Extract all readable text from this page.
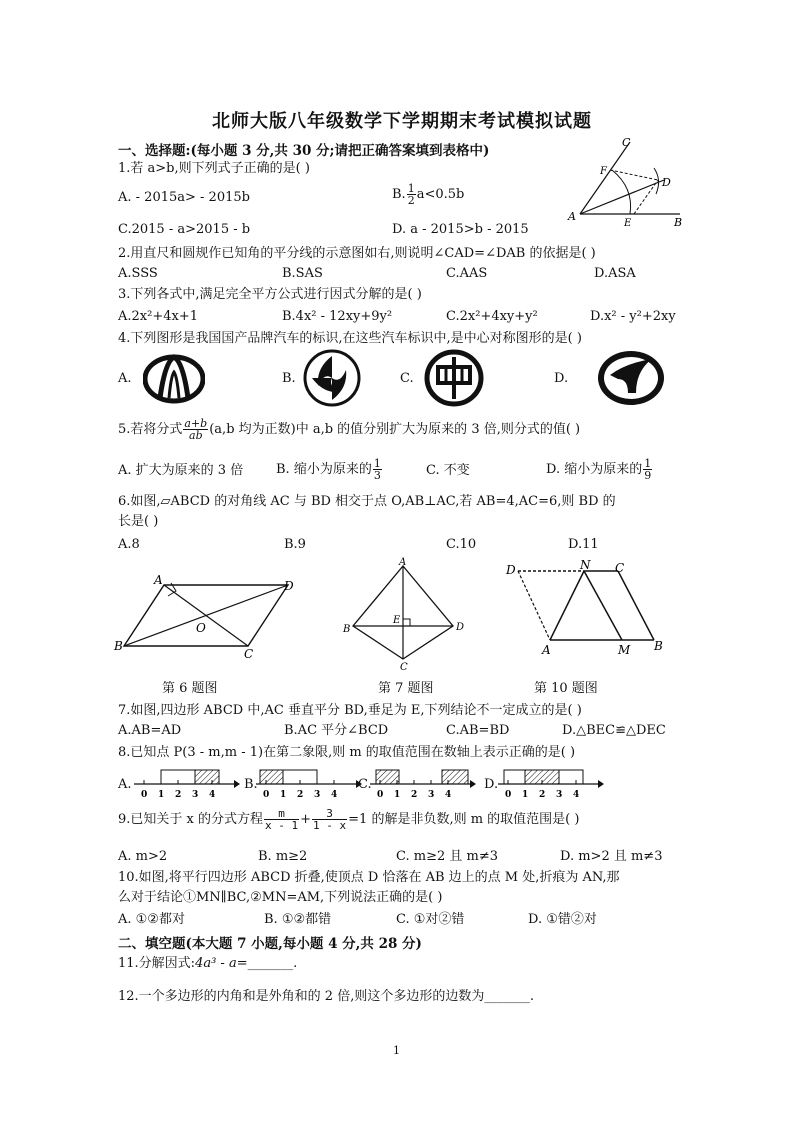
北师大版八年级数学下学期期末考试模拟试题
一、选择题:(每小题 3 分,共 30 分;请把正确答案填到表格中)
1.若 a>b,则下列式子正确的是( )
A. - 2015a> - 2015b	B. $\frac{1}{2} a<0.5b$
C.2015 - a>2015 - b	D. a - 2015>b - 2015
C
F
D
A
E	B
2.用直尺和圆规作已知角的平分线的示意图如右,则说明∠CAD=∠DAB 的依据是( )
A.SSS	B.SAS	C.AAS	D.ASA
3.下列各式中,满足完全平方公式进行因式分解的是( )
A.2x²+4x+1	B.4x² - 12xy+9y²	C.2x²+4xy+y²	D.x² - y²+2xy
4.下列图形是我国国产品牌汽车的标识,在这些汽车标识中,是中心对称图形的是( )
A.	B.	C.	D.
5.若将分式 $\frac{a+b}{ab} (a,b$ 均为正数)中 a,b 的值分别扩大为原来的 3 倍,则分式的值( )
A. 扩大为原来的 3 倍	B. 缩小为原来的 $\frac{1}{3}$	C. 不变	D. 缩小为原来的 $\frac{1}{9}$
6.如图,▱ABCD 的对角线 AC 与 BD 相交于点 O,AB⊥AC,若 AB=4,AC=6,则 BD 的
长是( )
A.8	B.9	C.10	D.11
A	D
O
B
C
A
E
B	D
C
D	N C
A	M B
第 6 题图	第 7 题图	第 10 题图
7.如图,四边形 ABCD 中,AC 垂直平分 BD,垂足为 E,下列结论不一定成立的是( )
A.AB=AD	B.AC 平分∠BCD	C.AB=BD	D.△BEC≌△DEC
8.已知点 P(3 - m,m - 1)在第二象限,则 m 的取值范围在数轴上表示正确的是( )
A.
0 1 2 3 4
B.
0 1 2 3 4
C.
0 1 2 3 4
D.
0 1 2 3 4
9.已知关于 x 的分式方程 $\frac{m}{x - 1} + \frac{3}{1 - x} =1$ 的解是非负数,则 m 的取值范围是( )
A. m>2	B. m≥2	C. m≥2 且 m≠3	D. m>2 且 m≠3
10.如图,将平行四边形 ABCD 折叠,使顶点 D 恰落在 AB 边上的点 M 处,折痕为 AN,那
么对于结论①MN∥BC,②MN=AM,下列说法正确的是( )
A. ①②都对	B. ①②都错	C. ①对②错	D. ①错②对
二、填空题(本大题 7 小题,每小题 4 分,共 28 分)
11.分解因式:4a³ - a=_______.
12.一个多边形的内角和是外角和的 2 倍,则这个多边形的边数为_______.
1
